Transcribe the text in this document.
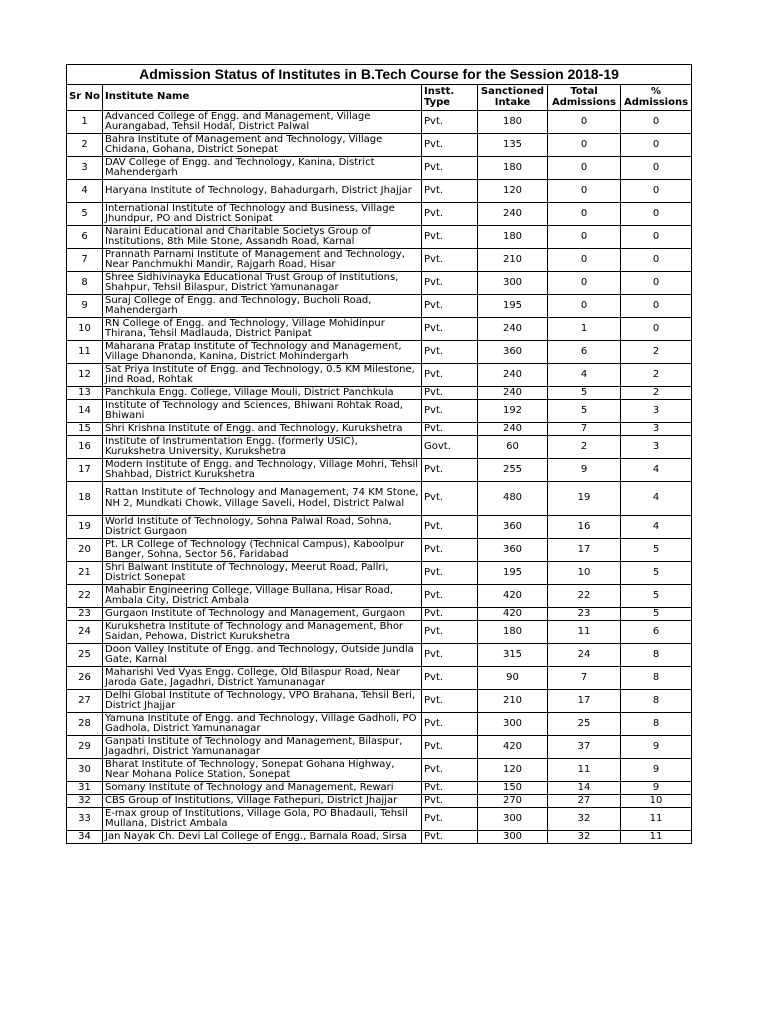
Admission Status of Institutes in B.Tech Course for the Session 2018-19					
Sr No	Institute Name	Instt. Type	Sanctioned Intake	Total Admissions	% Admissions
1	Advanced College of Engg. and Management, Village Aurangabad, Tehsil Hodal, District Palwal	Pvt.	180	0	0
2	Bahra Institute of Management and Technology, Village Chidana, Gohana, District Sonepat	Pvt.	135	0	0
3	DAV College of Engg. and Technology, Kanina, District Mahendergarh	Pvt.	180	0	0
4	Haryana Institute of Technology, Bahadurgarh, District Jhajjar	Pvt.	120	0	0
5	International Institute of Technology and Business, Village Jhundpur, PO and District Sonipat	Pvt.	240	0	0
6	Naraini Educational and Charitable Societys Group of Institutions, 8th Mile Stone, Assandh Road, Karnal	Pvt.	180	0	0
7	Prannath Parnami Institute of Management and Technology, Near Panchmukhi Mandir, Rajgarh Road, Hisar	Pvt.	210	0	0
8	Shree Sidhivinayka Educational Trust Group of Institutions, Shahpur, Tehsil Bilaspur, District Yamunanagar	Pvt.	300	0	0
9	Suraj College of Engg. and Technology, Bucholi Road, Mahendergarh	Pvt.	195	0	0
10	RN College of Engg. and Technology, Village Mohidinpur Thirana, Tehsil Madlauda, District Panipat	Pvt.	240	1	0
11	Maharana Pratap Institute of Technology and Management, Village Dhanonda, Kanina, District Mohindergarh	Pvt.	360	6	2
12	Sat Priya Institute of Engg. and Technology, 0.5 KM Milestone, Jind Road, Rohtak	Pvt.	240	4	2
13	Panchkula Engg. College, Village Mouli, District Panchkula	Pvt.	240	5	2
14	Institute of Technology and Sciences, Bhiwani Rohtak Road, Bhiwani	Pvt.	192	5	3
15	Shri Krishna Institute of Engg. and Technology, Kurukshetra	Pvt.	240	7	3
16	Institute of Instrumentation Engg. (formerly USIC), Kurukshetra University, Kurukshetra	Govt.	60	2	3
17	Modern Institute of Engg. and Technology, Village Mohri, Tehsil Shahbad, District Kurukshetra	Pvt.	255	9	4
18	Rattan Institute of Technology and Management, 74 KM Stone, NH 2, Mundkati Chowk, Village Saveli, Hodel, District Palwal	Pvt.	480	19	4
19	World Institute of Technology, Sohna Palwal Road, Sohna, District Gurgaon	Pvt.	360	16	4
20	Pt. LR College of Technology (Technical Campus), Kaboolpur Banger, Sohna, Sector 56, Faridabad	Pvt.	360	17	5
21	Shri Balwant Institute of Technology, Meerut Road, Pallri, District Sonepat	Pvt.	195	10	5
22	Mahabir Engineering College, Village Bullana, Hisar Road, Ambala City, District Ambala	Pvt.	420	22	5
23	Gurgaon Institute of Technology and Management, Gurgaon	Pvt.	420	23	5
24	Kurukshetra Institute of Technology and Management, Bhor Saidan, Pehowa, District Kurukshetra	Pvt.	180	11	6
25	Doon Valley Institute of Engg. and Technology, Outside Jundla Gate, Karnal	Pvt.	315	24	8
26	Maharishi Ved Vyas Engg. College, Old Bilaspur Road, Near Jaroda Gate, Jagadhri, District Yamunanagar	Pvt.	90	7	8
27	Delhi Global Institute of Technology, VPO Brahana, Tehsil Beri, District Jhajjar	Pvt.	210	17	8
28	Yamuna Institute of Engg. and Technology, Village Gadholi, PO Gadhola, District Yamunanagar	Pvt.	300	25	8
29	Ganpati Institute of Technology and Management, Bilaspur, Jagadhri, District Yamunanagar	Pvt.	420	37	9
30	Bharat Institute of Technology, Sonepat Gohana Highway, Near Mohana Police Station, Sonepat	Pvt.	120	11	9
31	Somany Institute of Technology and Management, Rewari	Pvt.	150	14	9
32	CBS Group of Institutions, Village Fathepuri, District Jhajjar	Pvt.	270	27	10
33	E-max group of Institutions, Village Gola, PO Bhadauli, Tehsil Mullana, District Ambala	Pvt.	300	32	11
34	Jan Nayak Ch. Devi Lal College of Engg., Barnala Road, Sirsa	Pvt.	300	32	11
